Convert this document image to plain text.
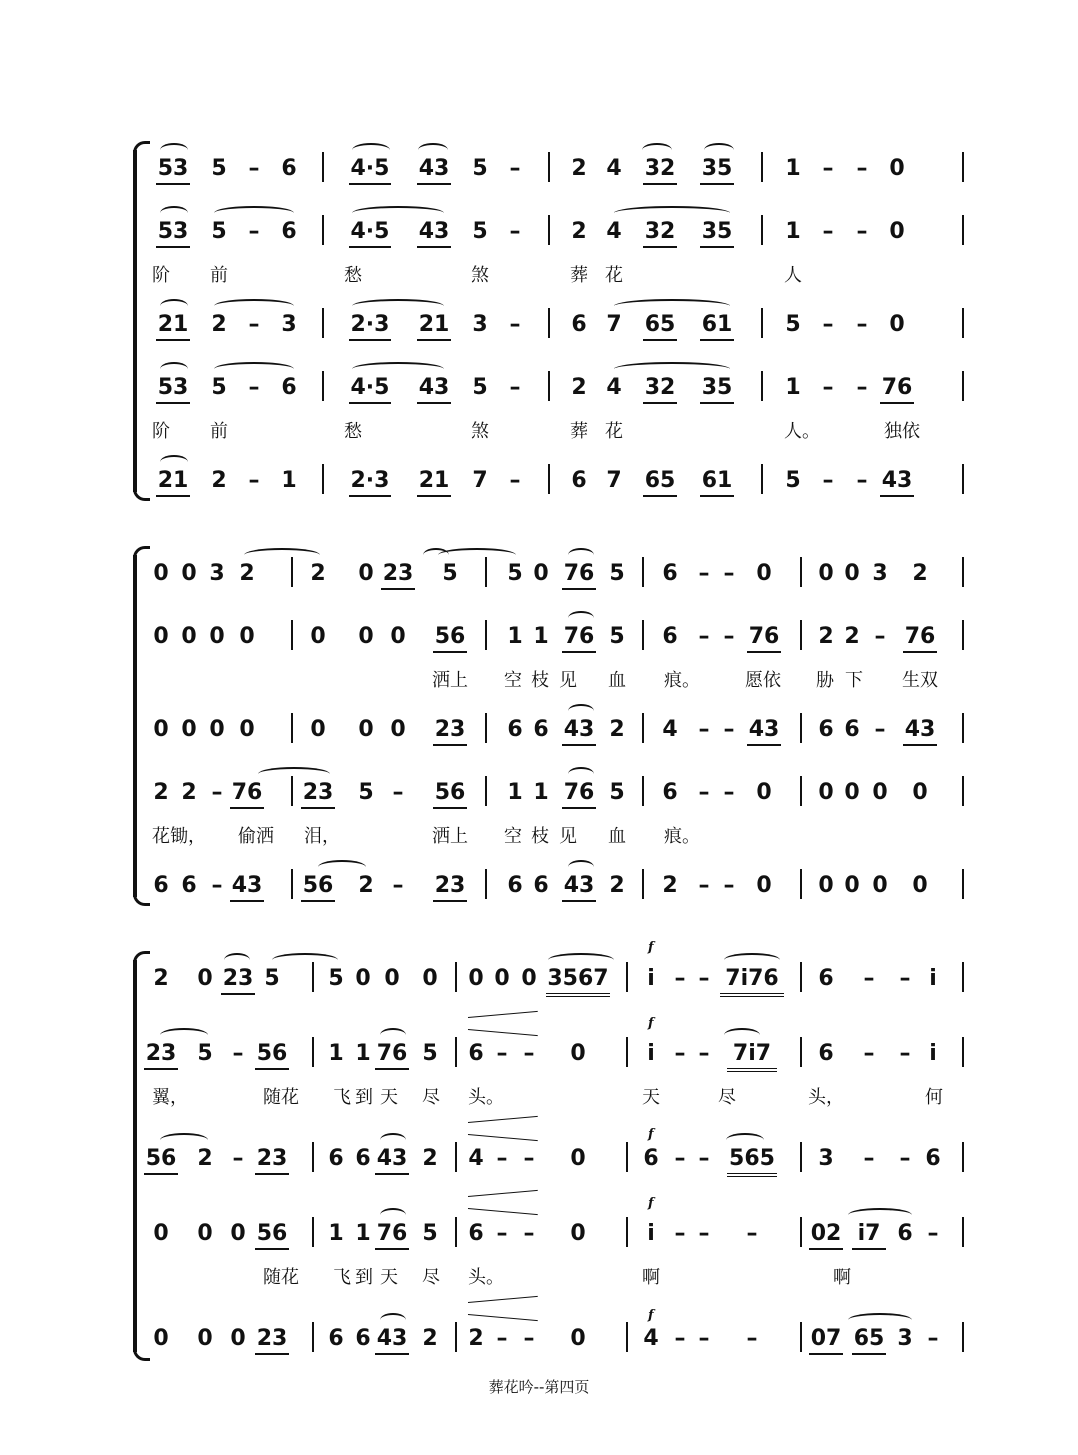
53 5 – 6 4·5 43 5 – 2 4 32 35 1 – – 0
53 5 – 6 4·5 43 5 – 2 4 32 35 1 – – 0
阶 前	愁	煞	葬 花	人
21 2 – 3 2·3 21 3 – 6 7 65 61 5 – – 0
53 5 – 6 4·5 43 5 – 2 4 32 35 1 – – 76
阶 前	愁	煞	葬 花	人。	独依
21 2 – 1 2·3 21 7 – 6 7 65 61 5 – – 43
0 0 3 2	2 0 23 5 5 0 76 5 6 – – 0 0 0 3 2
0 0 0 0	0 0 0 56 1 1 76 5 6 – – 76 2 2 – 76
洒上 空 枝 见 血 痕。	愿依 胁 下 生双
0 0 0 0	0 0 0 23 6 6 43 2 4 – – 43 6 6 – 43
2 2 – 76 23 5 – 56 1 1 76 5 6 – – 0 0 0 0 0
花锄， 偷洒 泪，	洒上 空 枝 见 血 痕。
6 6 – 43 56 2 – 23 6 6 43 2 2 – – 0 0 0 0 0
2 0 23 5 5 0 0 0 0 0 0 3567 i – – 7i76 6 – – i
23 5 – 56 1 1 76 5 6 – – 0	i – – 7i7 6 – – i
翼，	随花 飞 到 天 尽 头。	天	尽	头，	何
56 2 – 23 6 6 43 2 4 – – 0	6 – – 565 3 – – 6
0 0 0 56 1 1 76 5 6 – – 0	i – – – 02 i7 6 –
随花 飞 到 天 尽 头。	啊	啊
0 0 0 23 6 6 43 2 2 – – 0	4 – – – 07 65 3 –
f
f
f
f
f
葬花吟--第四页
